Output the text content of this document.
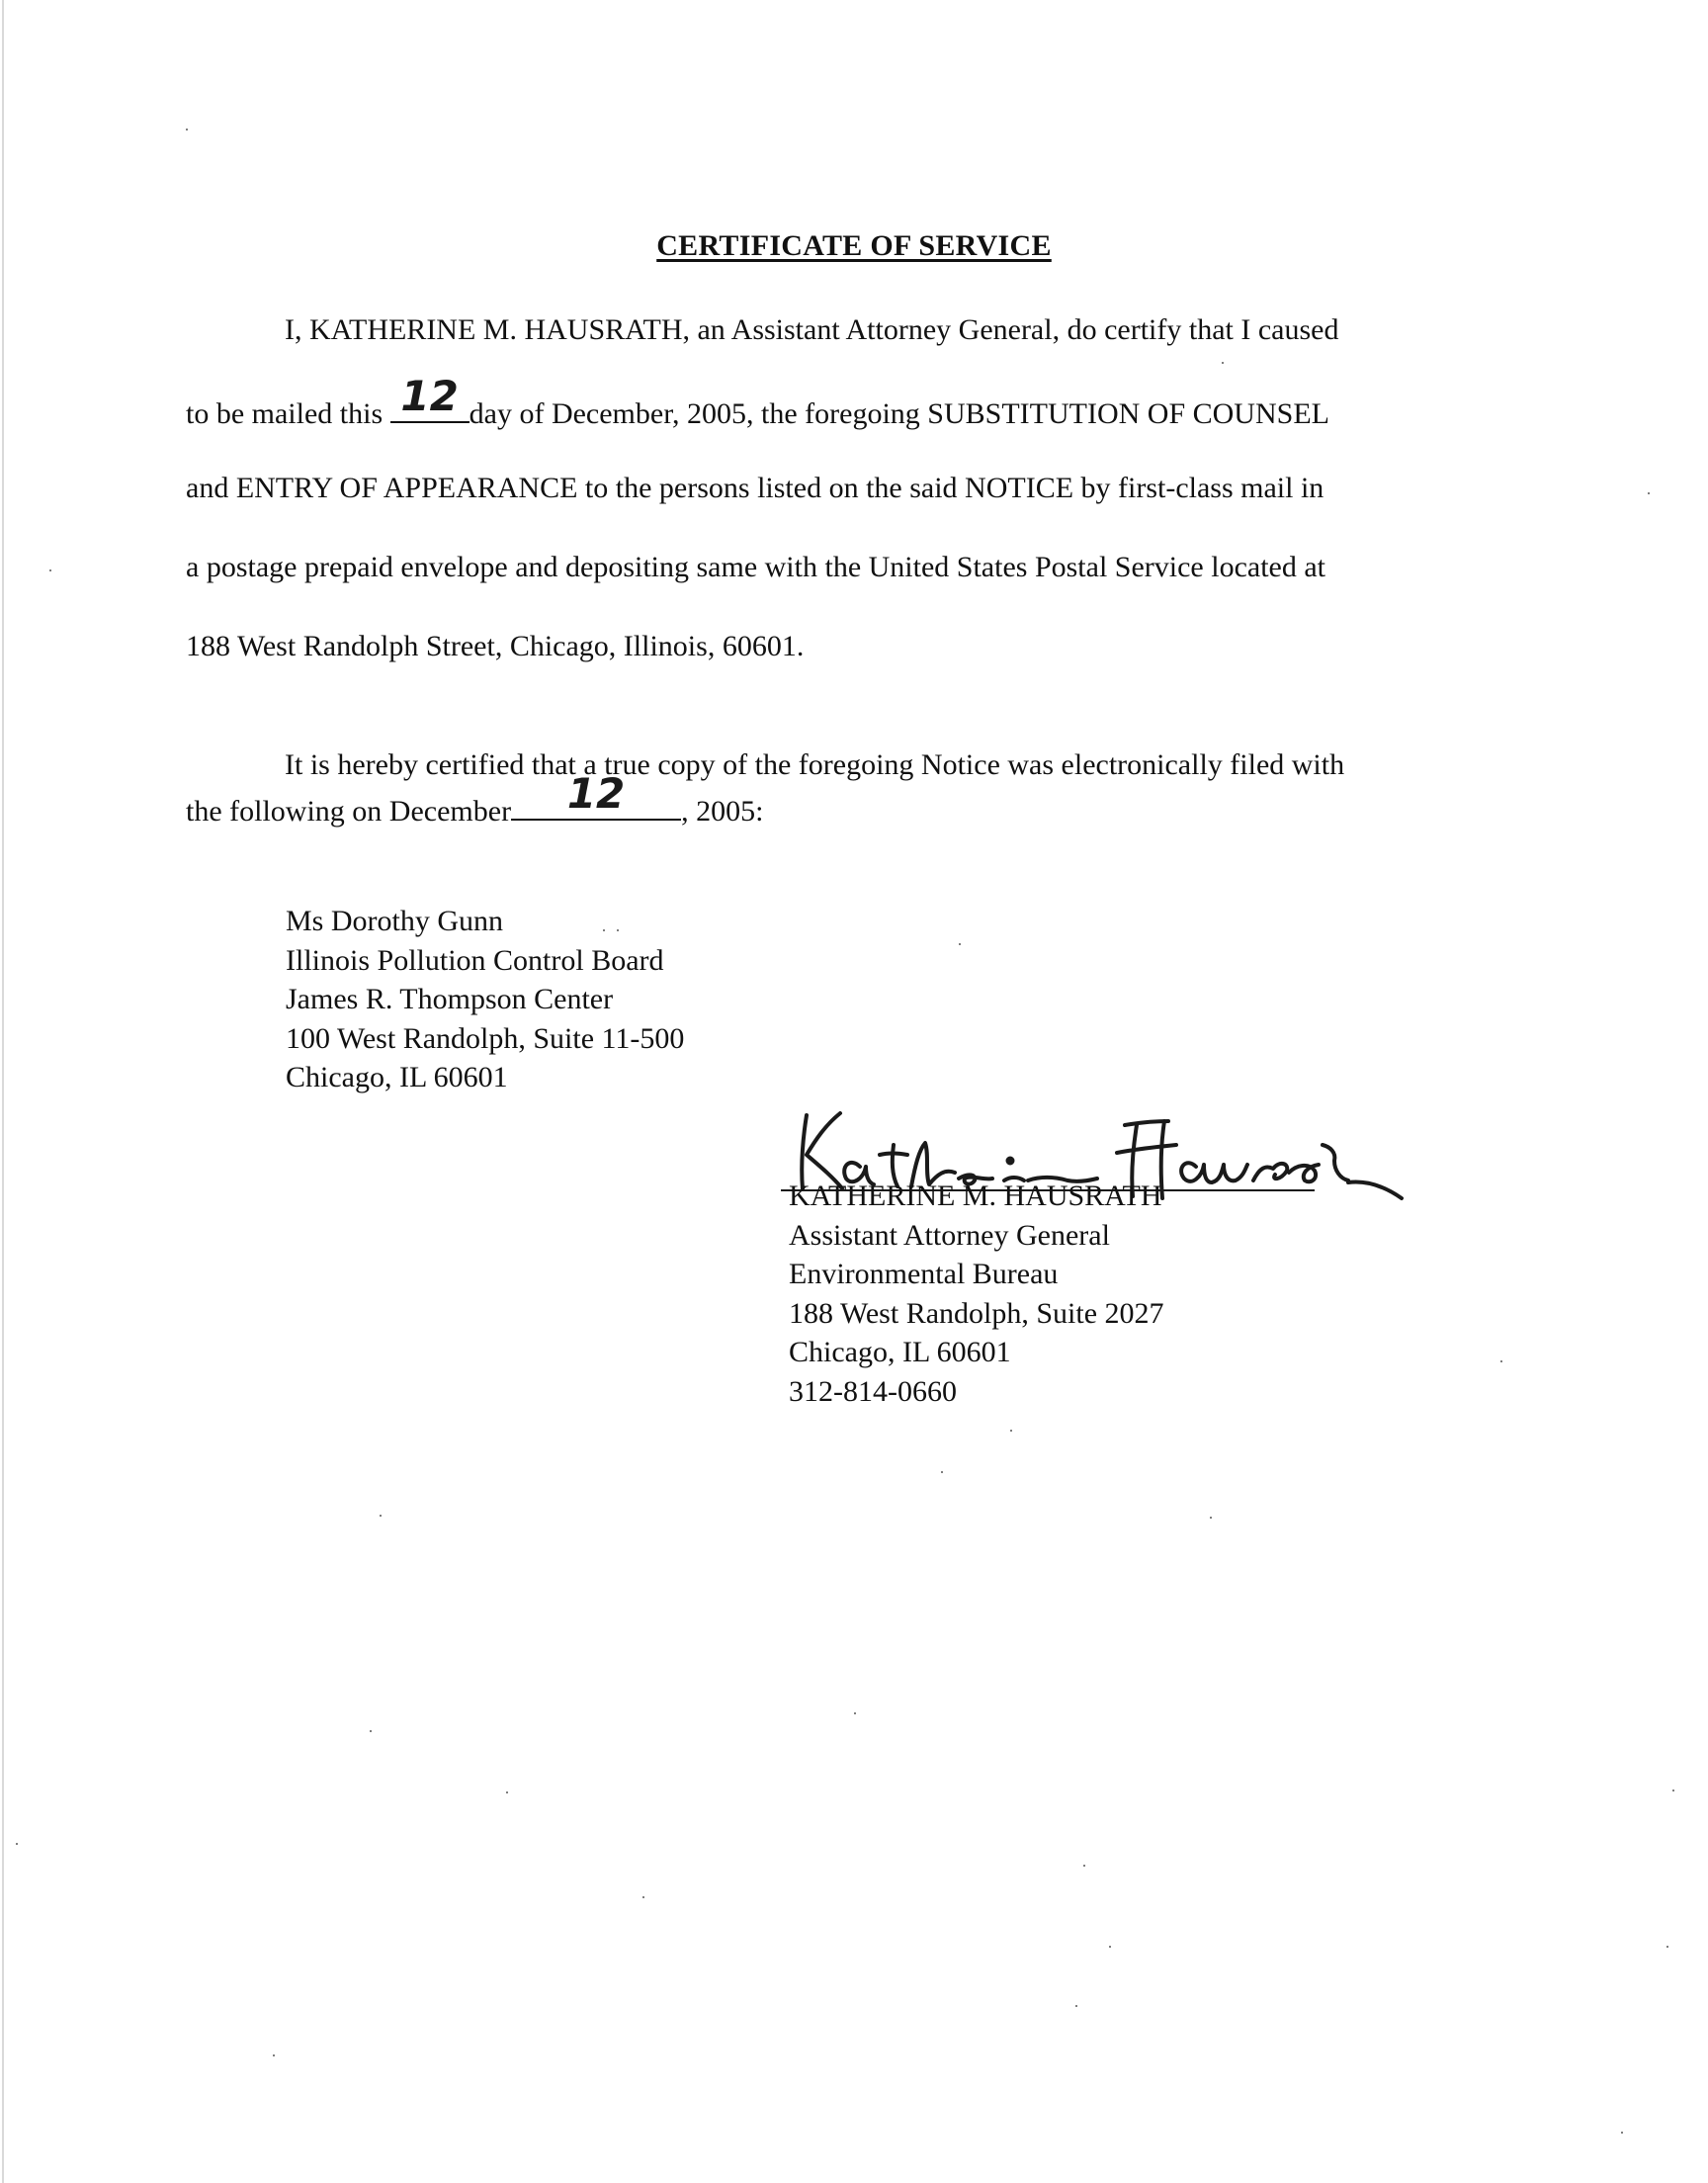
CERTIFICATE OF SERVICE
I, KATHERINE M. HAUSRATH, an Assistant Attorney General, do certify that I caused
to be mailed this 12 day of December, 2005, the foregoing SUBSTITUTION OF COUNSEL
and ENTRY OF APPEARANCE to the persons listed on the said NOTICE by first-class mail in
a postage prepaid envelope and depositing same with the United States Postal Service located at
188 West Randolph Street, Chicago, Illinois, 60601.
It is hereby certified that a true copy of the foregoing Notice was electronically filed with
the following on December	12	, 2005:
Ms Dorothy Gunn
Illinois Pollution Control Board
James R. Thompson Center
100 West Randolph, Suite 11-500
Chicago, IL 60601
KATHERINE M. HAUSRATH
Assistant Attorney General
Environmental Bureau
188 West Randolph, Suite 2027
Chicago, IL 60601
312-814-0660
